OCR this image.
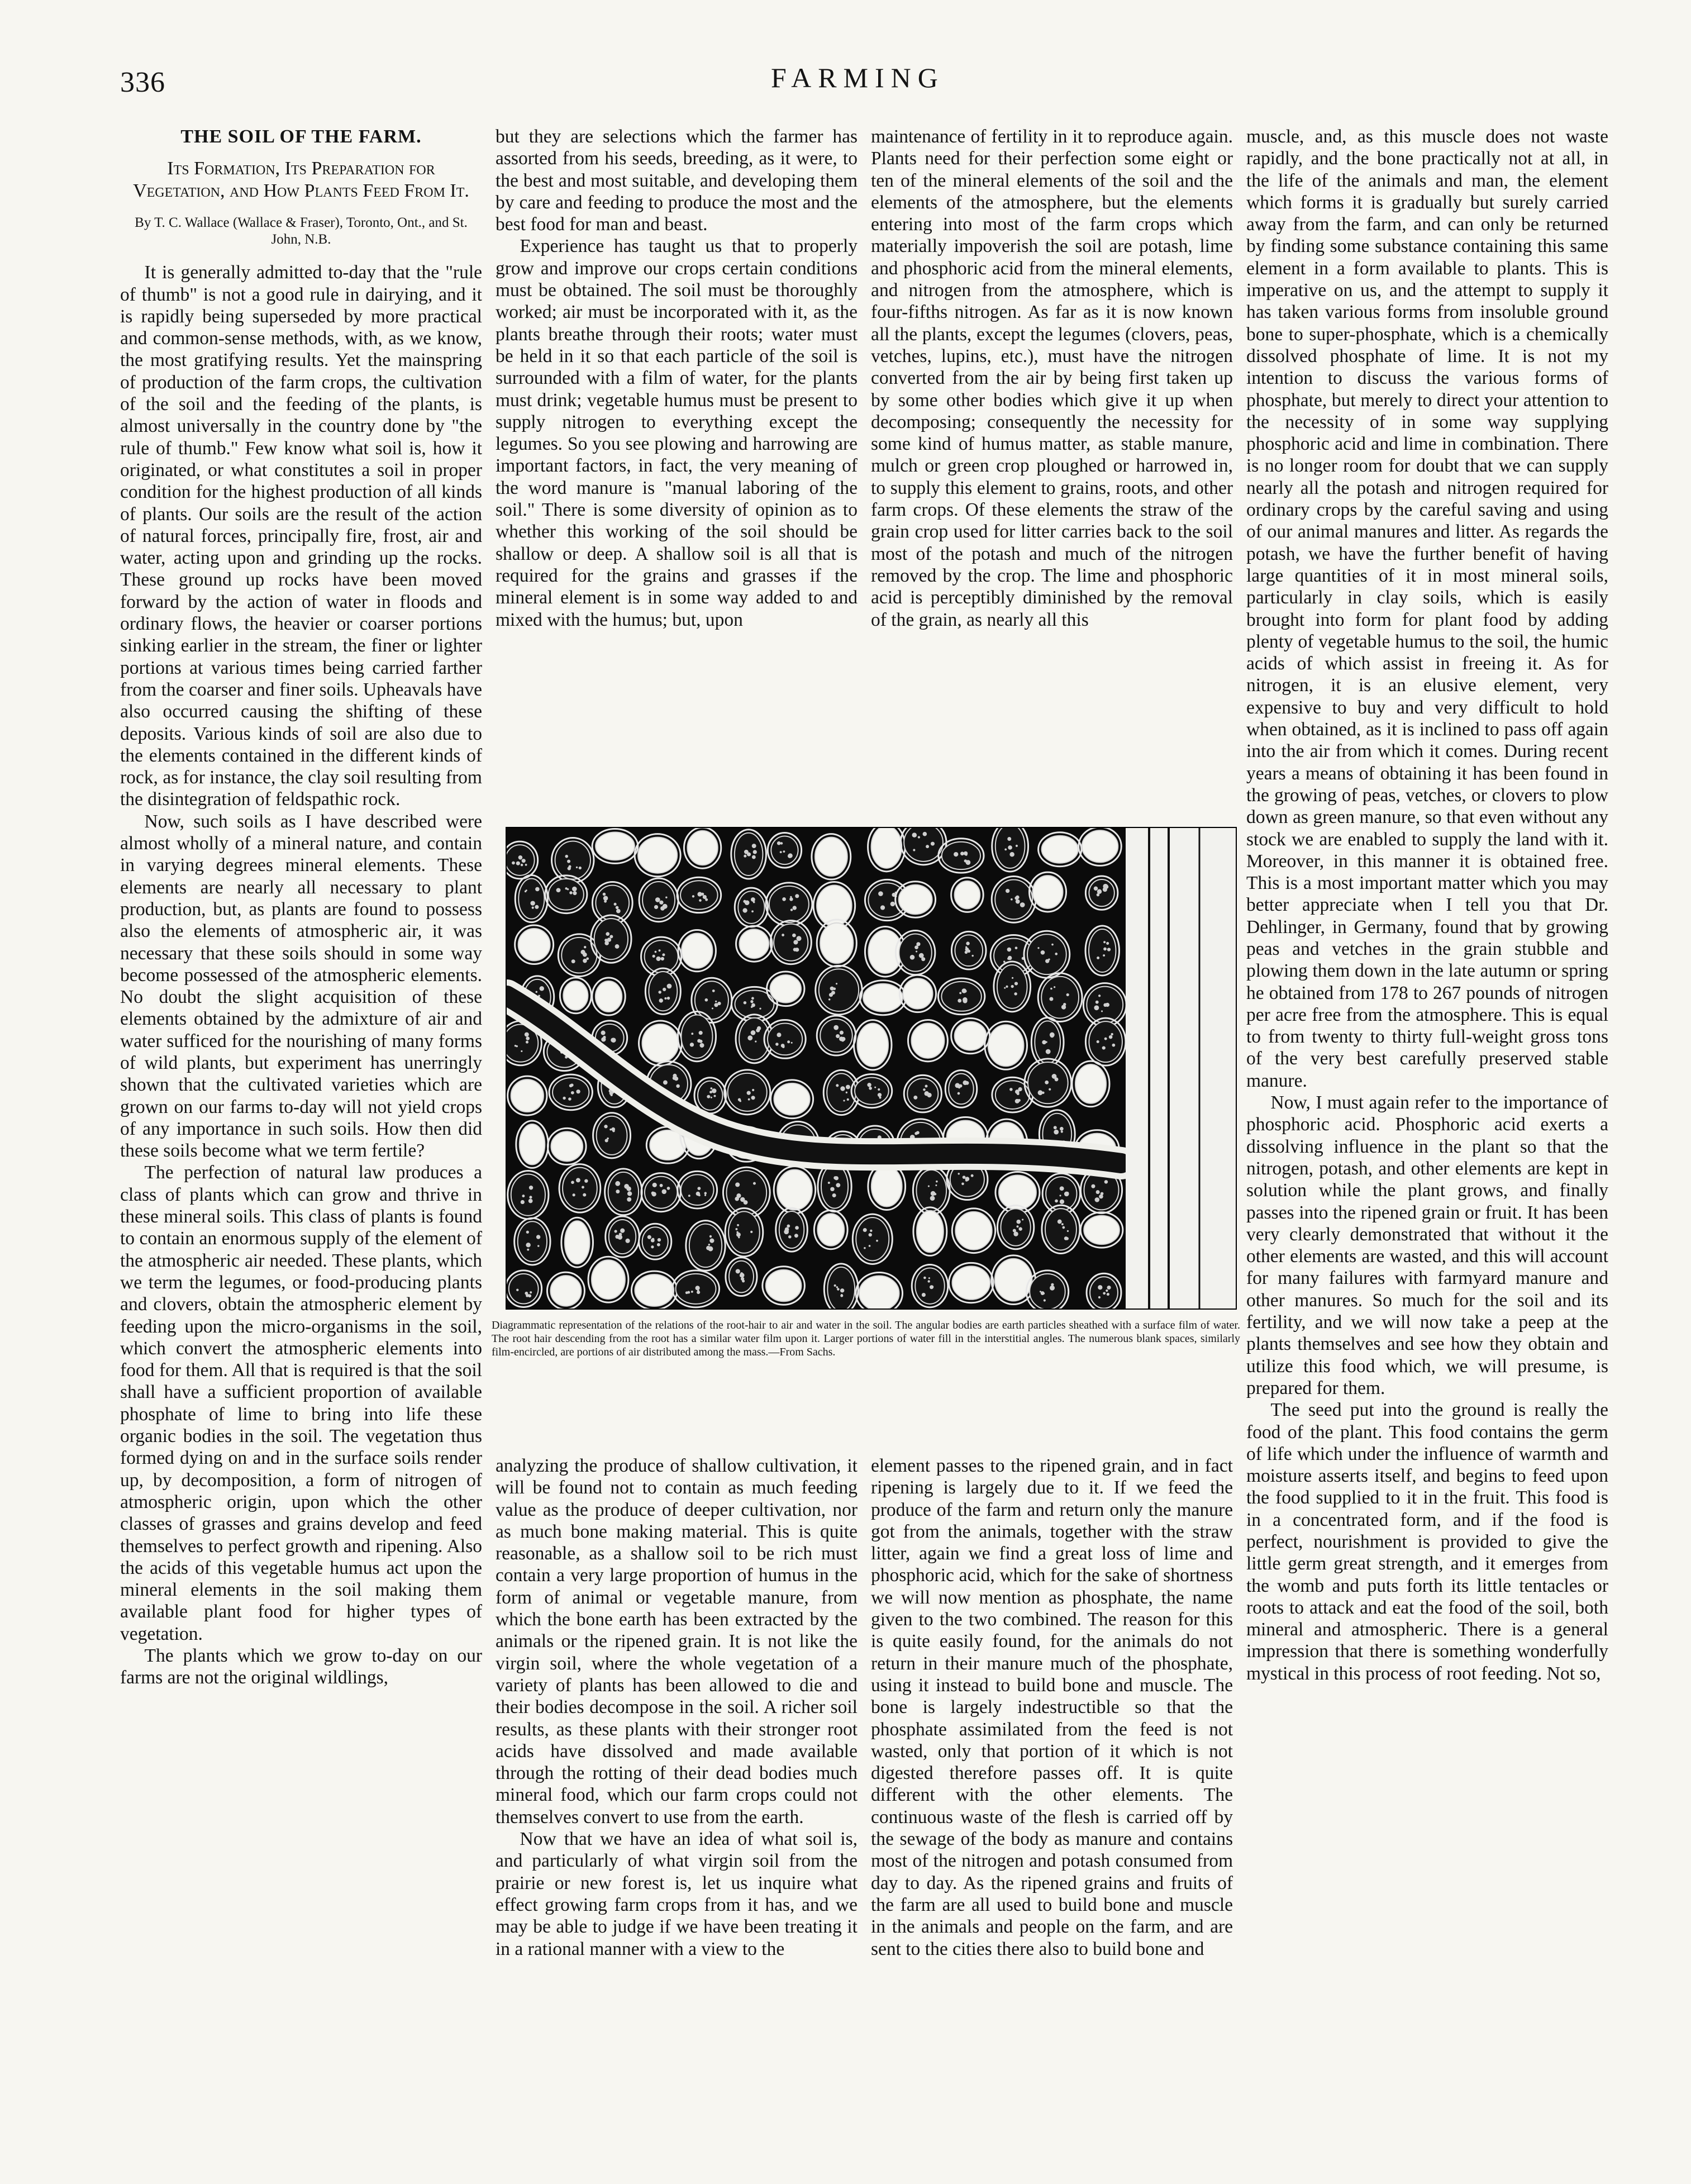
336	FARMING
THE SOIL OF THE FARM.
Its Formation, Its Preparation for Vegetation, and How Plants Feed From It.
By T. C. Wallace (Wallace & Fraser), Toronto, Ont., and St. John, N.B.

It is generally admitted to-day that the "rule of thumb" is not a good rule in dairying, and it is rapidly being superseded by more practical and common-sense methods, with, as we know, the most gratifying results. Yet the mainspring of production of the farm crops, the cultivation of the soil and the feeding of the plants, is almost universally in the country done by "the rule of thumb." Few know what soil is, how it originated, or what constitutes a soil in proper condition for the highest production of all kinds of plants. Our soils are the result of the action of natural forces, principally fire, frost, air and water, acting upon and grinding up the rocks. These ground up rocks have been moved forward by the action of water in floods and ordinary flows, the heavier or coarser portions sinking earlier in the stream, the finer or lighter portions at various times being carried farther from the coarser and finer soils. Upheavals have also occurred causing the shifting of these deposits. Various kinds of soil are also due to the elements contained in the different kinds of rock, as for instance, the clay soil resulting from the disintegration of feldspathic rock.

Now, such soils as I have described were almost wholly of a mineral nature, and contain in varying degrees mineral elements. These elements are nearly all necessary to plant production, but, as plants are found to possess also the elements of atmospheric air, it was necessary that these soils should in some way become possessed of the atmospheric elements. No doubt the slight acquisition of these elements obtained by the admixture of air and water sufficed for the nourishing of many forms of wild plants, but experiment has unerringly shown that the cultivated varieties which are grown on our farms to-day will not yield crops of any importance in such soils. How then did these soils become what we term fertile?

The perfection of natural law produces a class of plants which can grow and thrive in these mineral soils. This class of plants is found to contain an enormous supply of the element of the atmospheric air needed. These plants, which we term the legumes, or food-producing plants and clovers, obtain the atmospheric element by feeding upon the micro-organisms in the soil, which convert the atmospheric elements into food for them. All that is required is that the soil shall have a sufficient proportion of available phosphate of lime to bring into life these organic bodies in the soil. The vegetation thus formed dying on and in the surface soils render up, by decomposition, a form of nitrogen of atmospheric origin, upon which the other classes of grasses and grains develop and feed themselves to perfect growth and ripening. Also the acids of this vegetable humus act upon the mineral elements in the soil making them available plant food for higher types of vegetation.

The plants which we grow to-day on our farms are not the original wildlings,

but they are selections which the farmer has assorted from his seeds, breeding, as it were, to the best and most suitable, and developing them by care and feeding to produce the most and the best food for man and beast.

Experience has taught us that to properly grow and improve our crops certain conditions must be obtained. The soil must be thoroughly worked; air must be incorporated with it, as the plants breathe through their roots; water must be held in it so that each particle of the soil is surrounded with a film of water, for the plants must drink; vegetable humus must be present to supply nitrogen to everything except the legumes. So you see plowing and harrowing are important factors, in fact, the very meaning of the word manure is "manual laboring of the soil." There is some diversity of opinion as to whether this working of the soil should be shallow or deep. A shallow soil is all that is required for the grains and grasses if the mineral element is in some way added to and mixed with the humus; but, upon

maintenance of fertility in it to reproduce again. Plants need for their perfection some eight or ten of the mineral elements of the soil and the elements of the atmosphere, but the elements entering into most of the farm crops which materially impoverish the soil are potash, lime and phosphoric acid from the mineral elements, and nitrogen from the atmosphere, which is four-fifths nitrogen. As far as it is now known all the plants, except the legumes (clovers, peas, vetches, lupins, etc.), must have the nitrogen converted from the air by being first taken up by some other bodies which give it up when decomposing; consequently the necessity for some kind of humus matter, as stable manure, mulch or green crop ploughed or harrowed in, to supply this element to grains, roots, and other farm crops. Of these elements the straw of the grain crop used for litter carries back to the soil most of the potash and much of the nitrogen removed by the crop. The lime and phosphoric acid is perceptibly diminished by the removal of the grain, as nearly all this

muscle, and, as this muscle does not waste rapidly, and the bone practically not at all, in the life of the animals and man, the element which forms it is gradually but surely carried away from the farm, and can only be returned by finding some substance containing this same element in a form available to plants. This is imperative on us, and the attempt to supply it has taken various forms from insoluble ground bone to super-phosphate, which is a chemically dissolved phosphate of lime. It is not my intention to discuss the various forms of phosphate, but merely to direct your attention to the necessity of in some way supplying phosphoric acid and lime in combination. There is no longer room for doubt that we can supply nearly all the potash and nitrogen required for ordinary crops by the careful saving and using of our animal manures and litter. As regards the potash, we have the further benefit of having large quantities of it in most mineral soils, particularly in clay soils, which is easily brought into form for plant food by adding plenty of vegetable humus to the soil, the humic acids of which assist in freeing it. As for nitrogen, it is an elusive element, very expensive to buy and very difficult to hold when obtained, as it is inclined to pass off again into the air from which it comes. During recent years a means of obtaining it has been found in the growing of peas, vetches, or clovers to plow down as green manure, so that even without any stock we are enabled to supply the land with it. Moreover, in this manner it is obtained free. This is a most important matter which you may better appreciate when I tell you that Dr. Dehlinger, in Germany, found that by growing peas and vetches in the grain stubble and plowing them down in the late autumn or spring he obtained from 178 to 267 pounds of nitrogen per acre free from the atmosphere. This is equal to from twenty to thirty full-weight gross tons of the very best carefully preserved stable manure.

Now, I must again refer to the importance of phosphoric acid. Phosphoric acid exerts a dissolving influence in the plant so that the nitrogen, potash, and other elements are kept in solution while the plant grows, and finally passes into the ripened grain or fruit. It has been very clearly demonstrated that without it the other elements are wasted, and this will account for many failures with farmyard manure and other manures. So much for the soil and its fertility, and we will now take a peep at the plants themselves and see how they obtain and utilize this food which, we will presume, is prepared for them.

The seed put into the ground is really the food of the plant. This food contains the germ of life which under the influence of warmth and moisture asserts itself, and begins to feed upon the food supplied to it in the fruit. This food is in a concentrated form, and if the food is perfect, nourishment is provided to give the little germ great strength, and it emerges from the womb and puts forth its little tentacles or roots to attack and eat the food of the soil, both mineral and atmospheric. There is a general impression that there is something wonderfully mystical in this process of root feeding. Not so,

Diagrammatic representation of the relations of the root-hair to air and water in the soil. The angular bodies are earth particles sheathed with a surface film of water. The root hair descending from the root has a similar water film upon it. Larger portions of water fill in the interstitial angles. The numerous blank spaces, similarly film-encircled, are portions of air distributed among the mass.—From Sachs.

analyzing the produce of shallow cultivation, it will be found not to contain as much feeding value as the produce of deeper cultivation, nor as much bone making material. This is quite reasonable, as a shallow soil to be rich must contain a very large proportion of humus in the form of animal or vegetable manure, from which the bone earth has been extracted by the animals or the ripened grain. It is not like the virgin soil, where the whole vegetation of a variety of plants has been allowed to die and their bodies decompose in the soil. A richer soil results, as these plants with their stronger root acids have dissolved and made available through the rotting of their dead bodies much mineral food, which our farm crops could not themselves convert to use from the earth.

Now that we have an idea of what soil is, and particularly of what virgin soil from the prairie or new forest is, let us inquire what effect growing farm crops from it has, and we may be able to judge if we have been treating it in a rational manner with a view to the

element passes to the ripened grain, and in fact ripening is largely due to it. If we feed the produce of the farm and return only the manure got from the animals, together with the straw litter, again we find a great loss of lime and phosphoric acid, which for the sake of shortness we will now mention as phosphate, the name given to the two combined. The reason for this is quite easily found, for the animals do not return in their manure much of the phosphate, using it instead to build bone and muscle. The bone is largely indestructible so that the phosphate assimilated from the feed is not wasted, only that portion of it which is not digested therefore passes off. It is quite different with the other elements. The continuous waste of the flesh is carried off by the sewage of the body as manure and contains most of the nitrogen and potash consumed from day to day. As the ripened grains and fruits of the farm are all used to build bone and muscle in the animals and people on the farm, and are sent to the cities there also to build bone and
